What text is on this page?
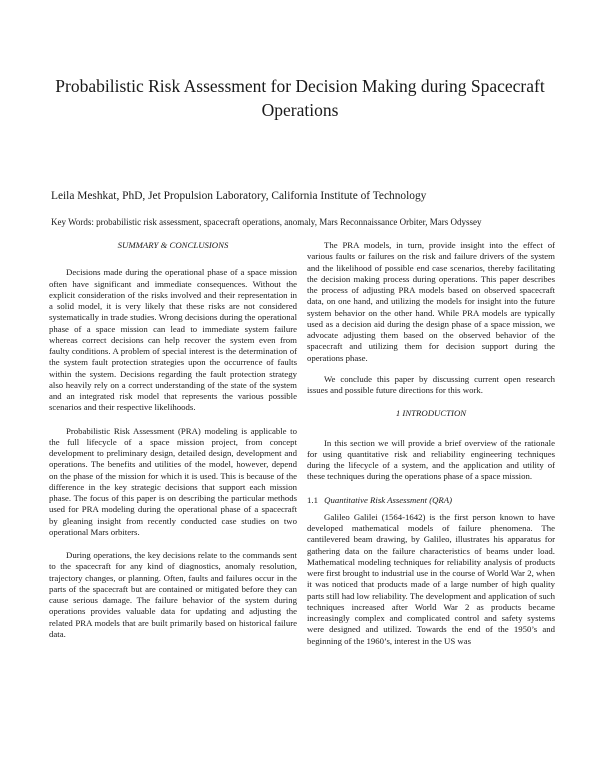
Probabilistic Risk Assessment for Decision Making during Spacecraft Operations
Leila Meshkat, PhD, Jet Propulsion Laboratory, California Institute of Technology
Key Words: probabilistic risk assessment, spacecraft operations, anomaly, Mars Reconnaissance Orbiter, Mars Odyssey
SUMMARY & CONCLUSIONS

Decisions made during the operational phase of a space mission often have significant and immediate consequences. Without the explicit consideration of the risks involved and their representation in a solid model, it is very likely that these risks are not considered systematically in trade studies. Wrong decisions during the operational phase of a space mission can lead to immediate system failure whereas correct decisions can help recover the system even from faulty conditions. A problem of special interest is the determination of the system fault protection strategies upon the occurrence of faults within the system. Decisions regarding the fault protection strategy also heavily rely on a correct understanding of the state of the system and an integrated risk model that represents the various possible scenarios and their respective likelihoods.

Probabilistic Risk Assessment (PRA) modeling is applicable to the full lifecycle of a space mission project, from concept development to preliminary design, detailed design, development and operations. The benefits and utilities of the model, however, depend on the phase of the mission for which it is used. This is because of the difference in the key strategic decisions that support each mission phase. The focus of this paper is on describing the particular methods used for PRA modeling during the operational phase of a spacecraft by gleaning insight from recently conducted case studies on two operational Mars orbiters.

During operations, the key decisions relate to the commands sent to the spacecraft for any kind of diagnostics, anomaly resolution, trajectory changes, or planning. Often, faults and failures occur in the parts of the spacecraft but are contained or mitigated before they can cause serious damage. The failure behavior of the system during operations provides valuable data for updating and adjusting the related PRA models that are built primarily based on historical failure data.

The PRA models, in turn, provide insight into the effect of various faults or failures on the risk and failure drivers of the system and the likelihood of possible end case scenarios, thereby facilitating the decision making process during operations. This paper describes the process of adjusting PRA models based on observed spacecraft data, on one hand, and utilizing the models for insight into the future system behavior on the other hand. While PRA models are typically used as a decision aid during the design phase of a space mission, we advocate adjusting them based on the observed behavior of the spacecraft and utilizing them for decision support during the operations phase.

We conclude this paper by discussing current open research issues and possible future directions for this work.

1 INTRODUCTION

In this section we will provide a brief overview of the rationale for using quantitative risk and reliability engineering techniques during the lifecycle of a system, and the application and utility of these techniques during the operations phase of a space mission.

1.1 Quantitative Risk Assessment (QRA)

Galileo Galilei (1564-1642) is the first person known to have developed mathematical models of failure phenomena. The cantilevered beam drawing, by Galileo, illustrates his apparatus for gathering data on the failure characteristics of beams under load. Mathematical modeling techniques for reliability analysis of products were first brought to industrial use in the course of World War 2, when it was noticed that products made of a large number of high quality parts still had low reliability. The development and application of such techniques increased after World War 2 as products became increasingly complex and complicated control and safety systems were designed and utilized. Towards the end of the 1950’s and beginning of the 1960’s, interest in the US was
